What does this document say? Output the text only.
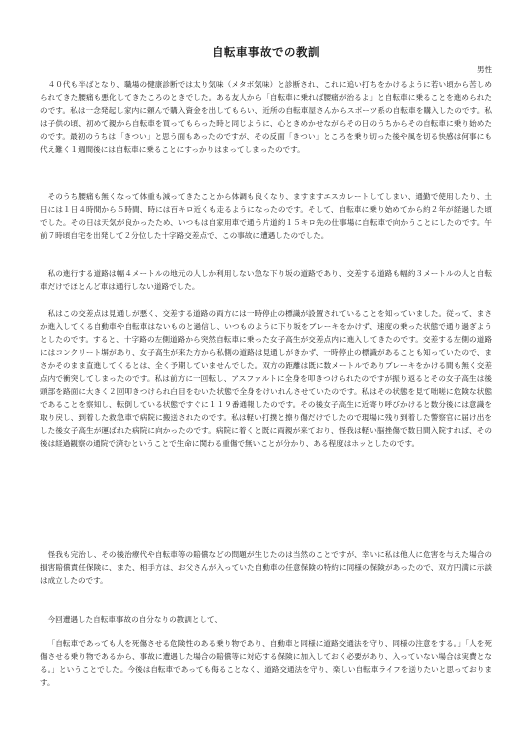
自転車事故での教訓
男性
４０代も半ばとなり、職場の健康診断では太り気味（メタボ気味）と診断され、これに追い打ちをかけるように若い頃から苦しめられてきた腰痛も悪化してきたころのときでした。ある友人から「自転車に乗れば腰痛が治るよ」と自転車に乗ることを進められたのです。私は一念発起し家内に頼んで購入資金を出してもらい、近所の自転車屋さんからスポーツ系の自転車を購入したのです。私は子供の頃、初めて親から自転車を買ってもらった時と同じように、心ときめかせながらその日のうちからその自転車に乗り始めたのです。最初のうちは「きつい」と思う面もあったのですが、その反面「きつい」ところを乗り切った後や風を切る快感は何事にも代え難く１週間後には自転車に乗ることにすっかりはまってしまったのです。
そのうち腰痛も無くなって体重も減ってきたことから体調も良くなり、ますますエスカレートしてしまい、通勤で使用したり、土日には１日４時間から５時間、時には百キロ近くも走るようになったのです。そして、自転車に乗り始めてから約２年が経過した頃でした。その日は天気が良かったため、いつもは自家用車で通う片道約１５キロ先の仕事場に自転車で向かうことにしたのです。午前７時頃自宅を出発して２分位した十字路交差点で、この事故に遭遇したのでした。
私の進行する道路は幅４メートルの地元の人しか利用しない急な下り坂の道路であり、交差する道路も幅約３メートルの人と自転車だけでほとんど車は通行しない道路でした。
私はこの交差点は見通しが悪く、交差する道路の両方には一時停止の標識が設置されていることを知っていました。従って、まさか進入してくる自動車や自転車はないものと過信し、いつものように下り坂をブレーキをかけず、速度の乗った状態で通り過ぎようとしたのです。すると、十字路の左側道路から突然自転車に乗った女子高生が交差点内に進入してきたのです。交差する左側の道路にはコンクリート塀があり、女子高生が来た方から私側の道路は見通しがきかず、一時停止の標識があることも知っていたので、まさかそのまま直進してくるとは、全く予期していませんでした。双方の距離は既に数メートルでありブレーキをかける間も無く交差点内で衝突してしまったのです。私は前方に一回転し、アスファルトに全身を叩きつけられたのですが振り返るとその女子高生は後頭部を路面に大きく２回叩きつけられ白目をむいた状態で全身をけいれんさせていたのです。私はその状態を見て咄嗟に危険な状態であることを察知し、転倒している状態ですぐに１１９番通報したのです。その後女子高生に近寄り呼びかけると数分後には意識を取り戻し、到着した救急車で病院に搬送されたのです。私は軽い打撲と擦り傷だけでしたので現場に残り到着した警察官に届け出をした後女子高生が運ばれた病院に向かったのです。病院に着くと既に両親が来ており、怪我は軽い脳挫傷で数日間入院すれば、その後は経過観察の通院で済むということで生命に関わる重傷で無いことが分かり、ある程度はホッとしたのです。
怪我も完治し、その後治療代や自転車等の賠償などの問題が生じたのは当然のことですが、幸いに私は他人に危害を与えた場合の損害賠償責任保険に、また、相手方は、お父さんが入っていた自動車の任意保険の特約に同様の保険があったので、双方円満に示談は成立したのです。
今回遭遇した自転車事故の自分なりの教訓として、
「自転車であっても人を死傷させる危険性のある乗り物であり、自動車と同様に道路交通法を守り、同様の注意をする。」「人を死傷させる乗り物であるから、事故に遭遇した場合の賠償等に対応する保険に加入しておく必要があり、入っていない場合は実費となる。」ということでした。今後は自転車であっても侮ることなく、道路交通法を守り、楽しい自転車ライフを送りたいと思っております。
